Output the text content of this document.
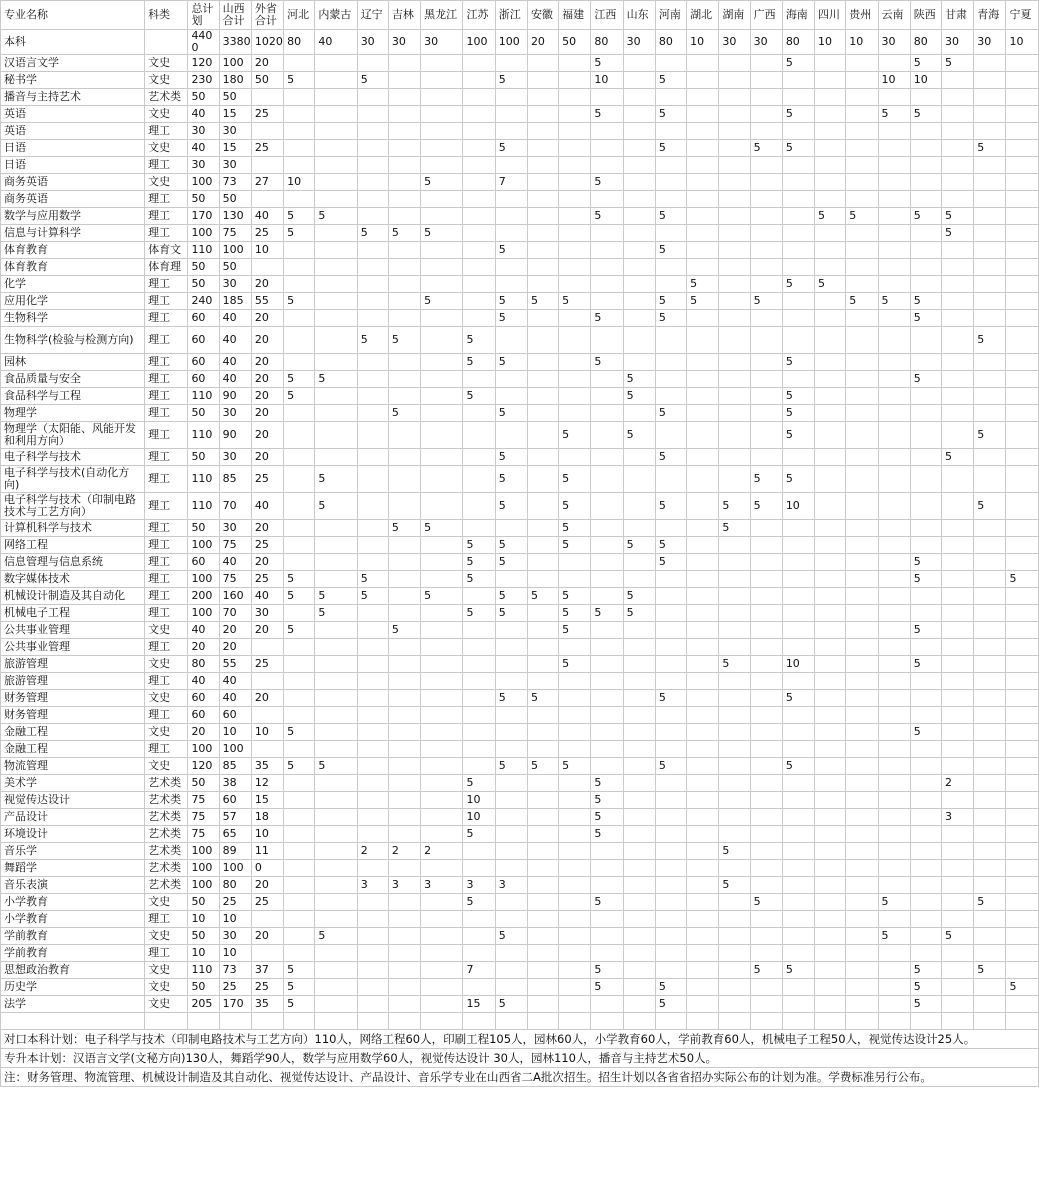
专业名称	科类	总计划	山西合计	外省合计	河北	内蒙古	辽宁	吉林	黑龙江	江苏	浙江	安徽	福建	江西	山东	河南	湖北	湖南	广西	海南	四川	贵州	云南	陕西	甘肃	青海	宁夏
本科		4400	3380	1020	80	40	30	30	30	100	100	20	50	80	30	80	10	30	30	80	10	10	30	80	30	30	10
汉语言文学	文史	120	100	20										5						5				5	5		
秘书学	文史	230	180	50	5		5				5			10		5							10	10			
播音与主持艺术	艺术类	50	50																								
英语	文史	40	15	25										5		5				5			5	5			
英语	理工	30	30																								
日语	文史	40	15	25							5					5			5	5						5	
日语	理工	30	30																								
商务英语	文史	100	73	27	10				5		7			5													
商务英语	理工	50	50																								
数学与应用数学	理工	170	130	40	5	5								5		5					5	5		5	5		
信息与计算科学	理工	100	75	25	5		5	5	5																5		
体育教育	体育文	110	100	10							5					5											
体育教育	体育理	50	50																								
化学	理工	50	30	20													5			5	5						
应用化学	理工	240	185	55	5				5		5	5	5			5	5		5			5	5	5			
生物科学	理工	60	40	20							5			5		5								5			
生物科学(检验与检测方向)	理工	60	40	20			5	5		5																5	
园林	理工	60	40	20						5	5			5						5							
食品质量与安全	理工	60	40	20	5	5									5									5			
食品科学与工程	理工	110	90	20	5					5					5					5							
物理学	理工	50	30	20				5			5					5				5							
物理学（太阳能、风能开发和利用方向）	理工	110	90	20									5		5					5						5	
电子科学与技术	理工	50	30	20							5					5									5		
电子科学与技术(自动化方向)	理工	110	85	25		5					5		5						5	5							
电子科学与技术（印制电路技术与工艺方向）	理工	110	70	40		5					5		5			5		5	5	10						5	
计算机科学与技术	理工	50	30	20				5	5				5					5									
网络工程	理工	100	75	25						5	5		5		5	5											
信息管理与信息系统	理工	60	40	20						5	5					5								5			
数字媒体技术	理工	100	75	25	5		5			5														5			5
机械设计制造及其自动化	理工	200	160	40	5	5	5		5		5	5	5		5												
机械电子工程	理工	100	70	30		5				5	5		5	5	5												
公共事业管理	文史	40	20	20	5			5					5											5			
公共事业管理	理工	20	20																								
旅游管理	文史	80	55	25									5					5		10				5			
旅游管理	理工	40	40																								
财务管理	文史	60	40	20							5	5				5				5							
财务管理	理工	60	60																								
金融工程	文史	20	10	10	5																			5			
金融工程	理工	100	100																								
物流管理	文史	120	85	35	5	5					5	5	5			5				5							
美术学	艺术类	50	38	12						5				5											2		
视觉传达设计	艺术类	75	60	15						10				5													
产品设计	艺术类	75	57	18						10				5											3		
环境设计	艺术类	75	65	10						5				5													
音乐学	艺术类	100	89	11			2	2	2									5									
舞蹈学	艺术类	100	100	0																							
音乐表演	艺术类	100	80	20			3	3	3	3	3							5									
小学教育	文史	50	25	25						5				5					5				5			5	
小学教育	理工	10	10																								
学前教育	文史	50	30	20		5					5												5		5		
学前教育	理工	10	10																								
思想政治教育	文史	110	73	37	5					7				5					5	5				5		5	
历史学	文史	50	25	25	5									5		5								5			5
法学	文史	205	170	35	5					15	5					5								5			

对口本科计划：电子科学与技术（印制电路技术与工艺方向）110人，网络工程60人，印刷工程105人，园林60人，小学教育60人，学前教育60人，机械电子工程50人，视觉传达设计25人。																											
专升本计划：汉语言文学(文秘方向)130人，舞蹈学90人，数学与应用数学60人，视觉传达设计 30人，园林110人，播音与主持艺术50人。																											
注：财务管理、物流管理、机械设计制造及其自动化、视觉传达设计、产品设计、音乐学专业在山西省二A批次招生。招生计划以各省省招办实际公布的计划为准。学费标准另行公布。																											
